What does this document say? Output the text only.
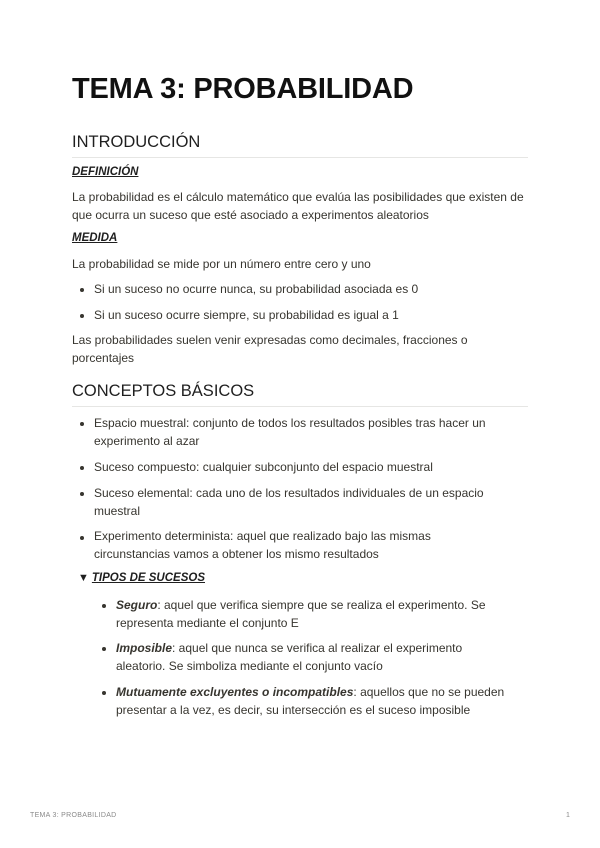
TEMA 3: PROBABILIDAD
INTRODUCCIÓN
DEFINICIÓN
La probabilidad es el cálculo matemático que evalúa las posibilidades que existen de que ocurra un suceso que esté asociado a experimentos aleatorios
MEDIDA
La probabilidad se mide por un número entre cero y uno
Si un suceso no ocurre nunca, su probabilidad asociada es 0
Si un suceso ocurre siempre, su probabilidad es igual a 1
Las probabilidades suelen venir expresadas como decimales, fracciones o porcentajes
CONCEPTOS BÁSICOS
Espacio muestral: conjunto de todos los resultados posibles tras hacer un experimento al azar
Suceso compuesto: cualquier subconjunto del espacio muestral
Suceso elemental: cada uno de los resultados individuales de un espacio muestral
Experimento determinista: aquel que realizado bajo las mismas circunstancias vamos a obtener los mismo resultados
▼ TIPOS DE SUCESOS
Seguro: aquel que verifica siempre que se realiza el experimento. Se representa mediante el conjunto E
Imposible: aquel que nunca se verifica al realizar el experimento aleatorio. Se simboliza mediante el conjunto vacío
Mutuamente excluyentes o incompatibles: aquellos que no se pueden presentar a la vez, es decir, su intersección es el suceso imposible
TEMA 3: PROBABILIDAD	1
